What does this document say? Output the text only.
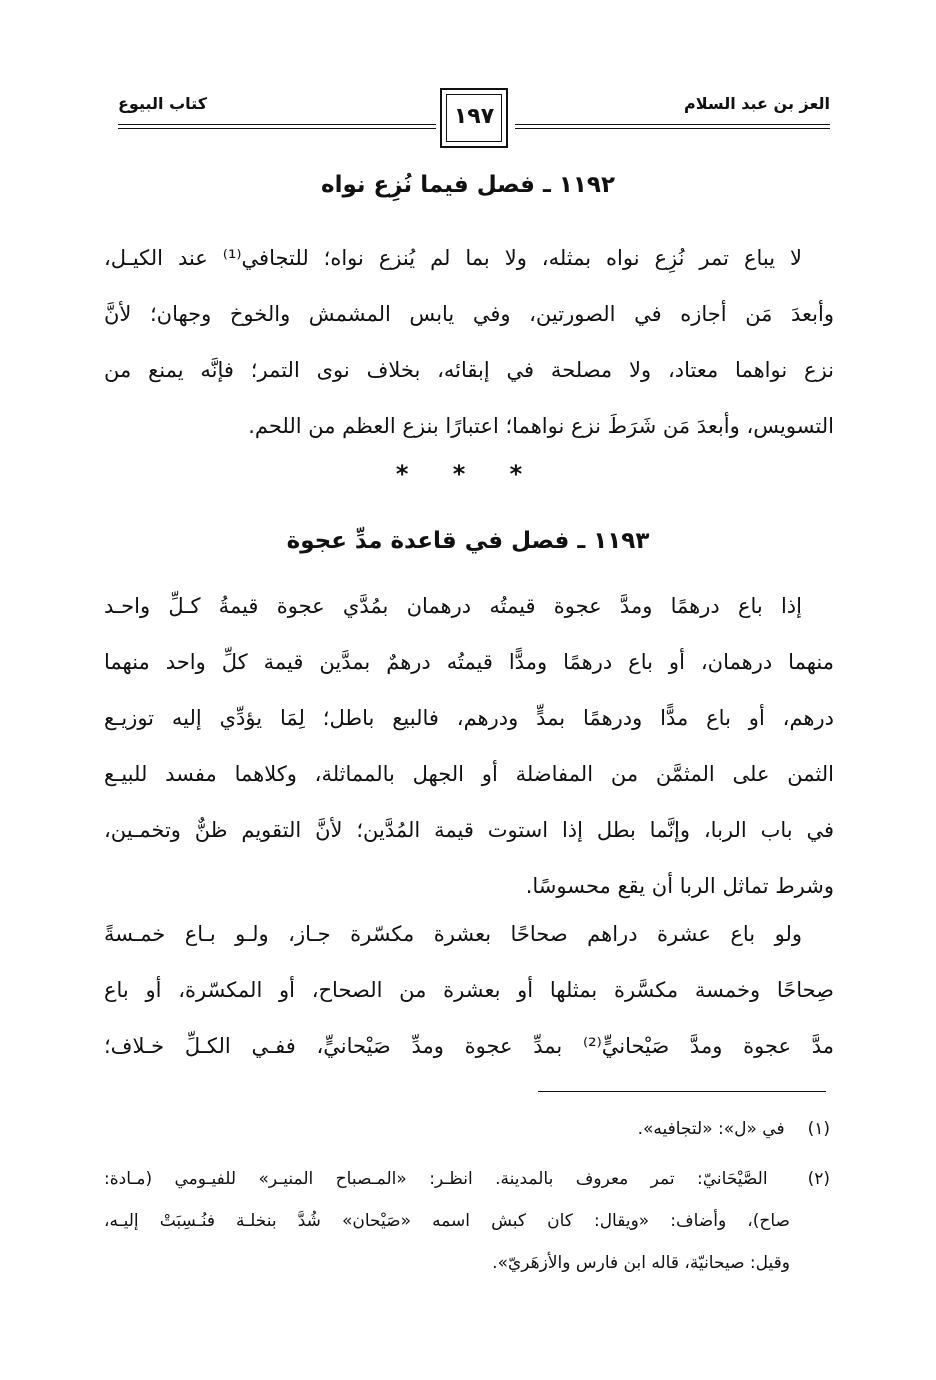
العز بن عبد السلام
كتاب البيوع
١٩٧
١١٩٢ ـ فصل فيما نُزِع نواه
لا يباع تمر نُزِع نواه بمثله، ولا بما لم يُنزع نواه؛ للتجافي⁽¹⁾ عند الكيـل،
وأبعدَ مَن أجازه في الصورتين، وفي يابس المشمش والخوخ وجهان؛ لأنَّ
نزع نواهما معتاد، ولا مصلحة في إبقائه، بخلاف نوى التمر؛ فإنَّه يمنع من
التسويس، وأبعدَ مَن شَرَطَ نزع نواهما؛ اعتبارًا بنزع العظم من اللحم.
* * *
١١٩٣ ـ فصل في قاعدة مدِّ عجوة
إذا باع درهمًا ومدَّ عجوة قيمتُه درهمان بمُدَّي عجوة قيمةُ كـلِّ واحـد
منهما درهمان، أو باع درهمًا ومدًّا قيمتُه درهمٌ بمدَّين قيمة كلِّ واحد منهما
درهم، أو باع مدًّا ودرهمًا بمدٍّ ودرهم، فالبيع باطل؛ لِمَا يؤدِّي إليه توزيـع
الثمن على المثمَّن من المفاضلة أو الجهل بالمماثلة، وكلاهما مفسد للبيـع
في باب الربا، وإنَّما بطل إذا استوت قيمة المُدَّين؛ لأنَّ التقويم ظنٌّ وتخمـين،
وشرط تماثل الربا أن يقع محسوسًا.
ولو باع عشرة دراهم صحاحًا بعشرة مكسّرة جـاز، ولـو بـاع خمـسةً
صِحاحًا وخمسة مكسَّرة بمثلها أو بعشرة من الصحاح، أو المكسّرة، أو باع
مدَّ عجوة ومدَّ صَيْحانيٍّ⁽²⁾ بمدِّ عجوة ومدِّ صَيْحانيٍّ، ففـي الكـلِّ خـلاف؛
(١) في «ل»: «لتجافيه».
(٢) الصَّيْحَانيّ: تمر معروف بالمدينة. انظـر: «المـصباح المنيـر» للفيـومي (مـادة:
صاح)، وأضاف: «ويقال: كان كبش اسمه «صَيْحان» شُدَّ بنخلـة فنُـسِبَتْ إليـه،
وقيل: صيحانيّة، قاله ابن فارس والأزهَريّ».
